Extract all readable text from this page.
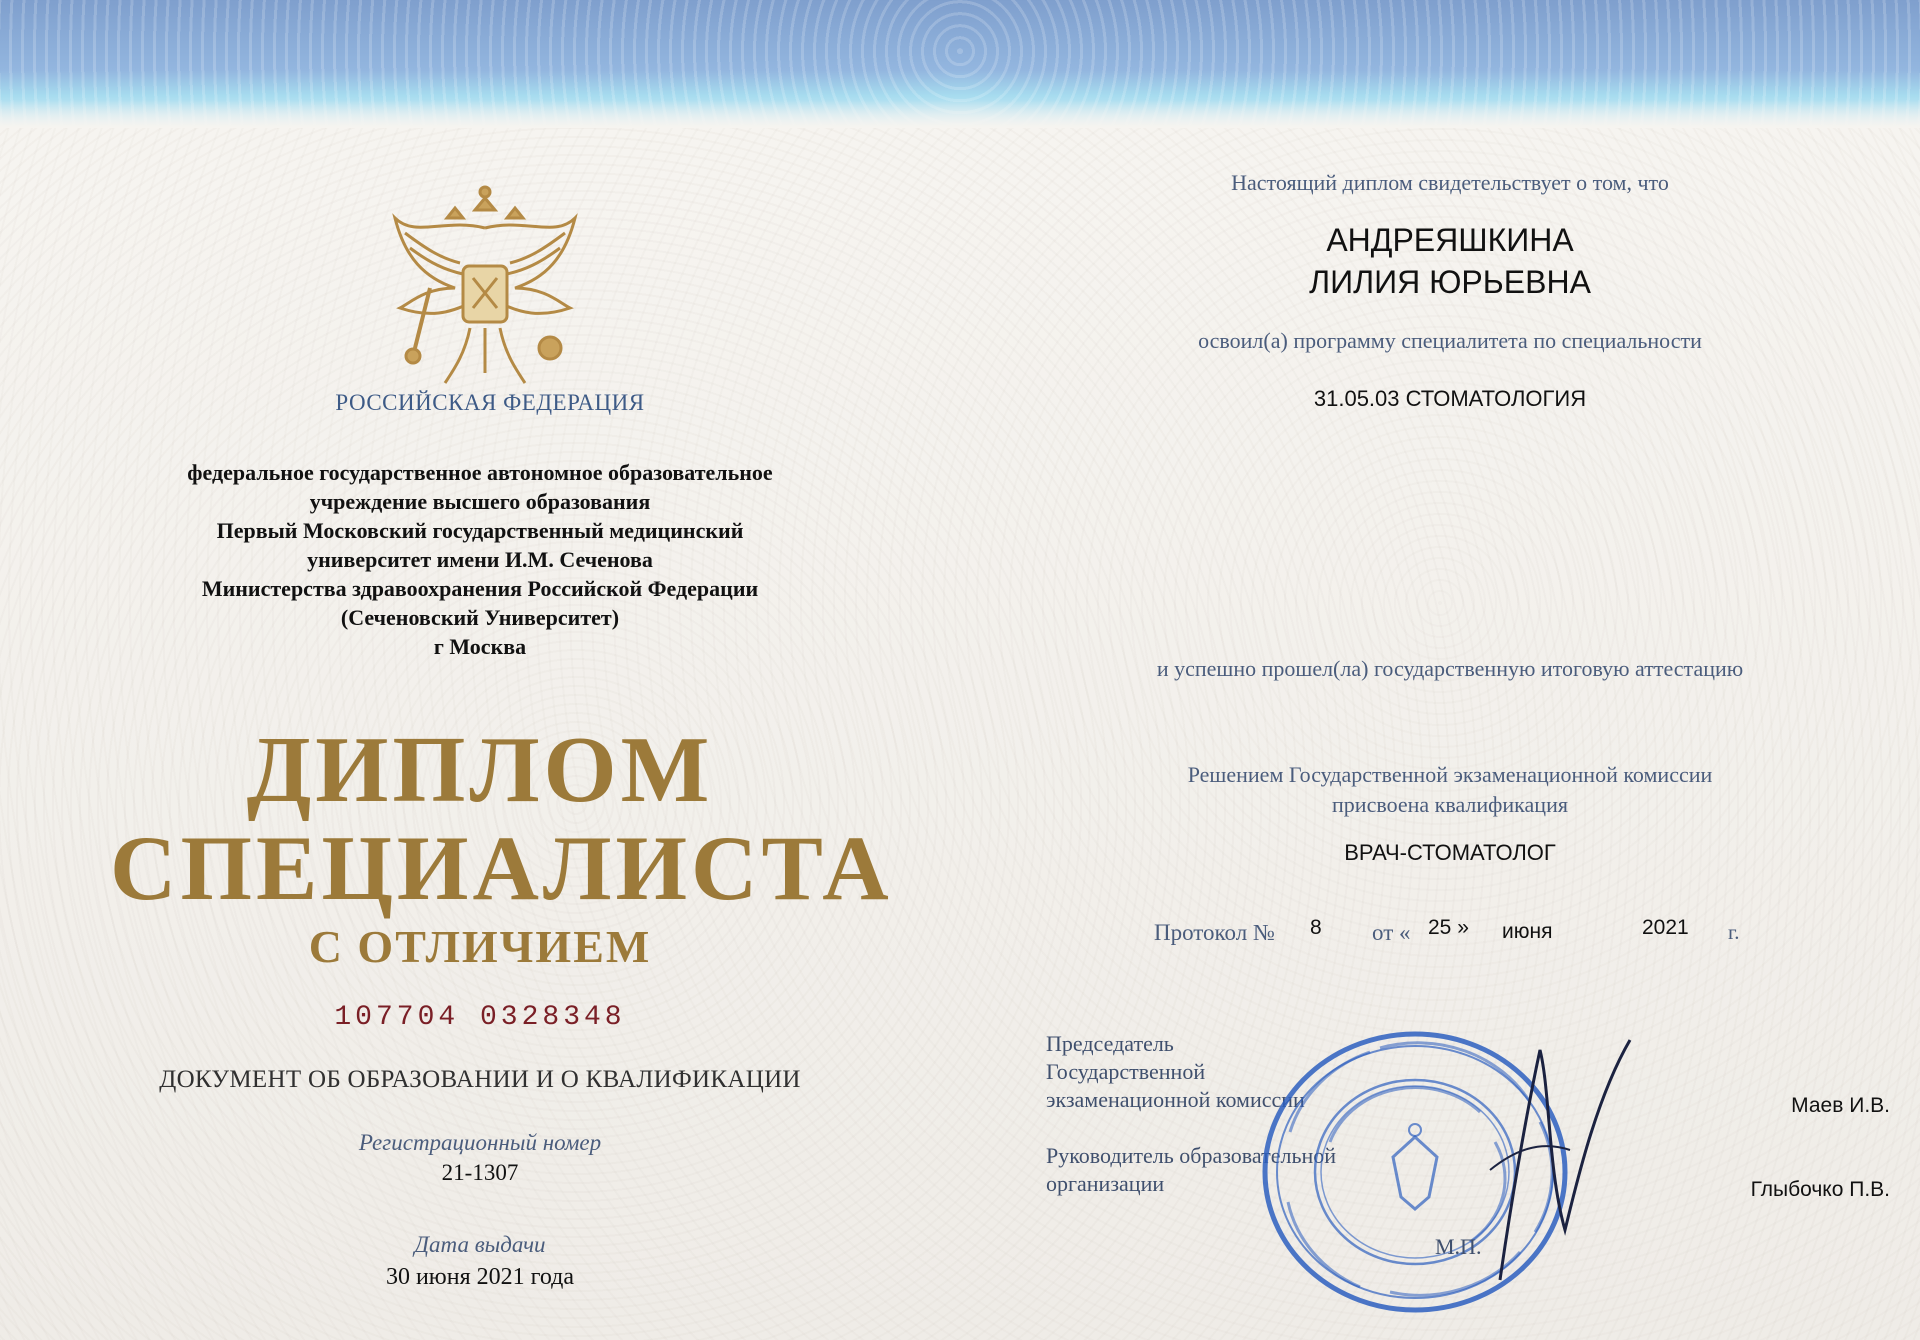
РОССИЙСКАЯ ФЕДЕРАЦИЯ
федеральное государственное автономное образовательное
учреждение высшего образования
Первый Московский государственный медицинский
университет имени И.М. Сеченова
Министерства здравоохранения Российской Федерации
(Сеченовский Университет)
г Москва
ДИПЛОМ
СПЕЦИАЛИСТА
С ОТЛИЧИЕМ
107704 0328348
ДОКУМЕНТ ОБ ОБРАЗОВАНИИ И О КВАЛИФИКАЦИИ
Регистрационный номер
21-1307
Дата выдачи
30 июня 2021 года
Настоящий диплом свидетельствует о том, что
АНДРЕЯШКИНА
ЛИЛИЯ ЮРЬЕВНА
освоил(а) программу специалитета по специальности
31.05.03 СТОМАТОЛОГИЯ
и успешно прошел(ла) государственную итоговую аттестацию
Решением Государственной экзаменационной комиссии
присвоена квалификация
ВРАЧ-СТОМАТОЛОГ
Протокол № 8 от « 25 » июня	2021 г.
Председатель
Государственной
экзаменационной комиссии
Руководитель образовательной
организации
М.П.
Маев И.В.
Глыбочко П.В.
